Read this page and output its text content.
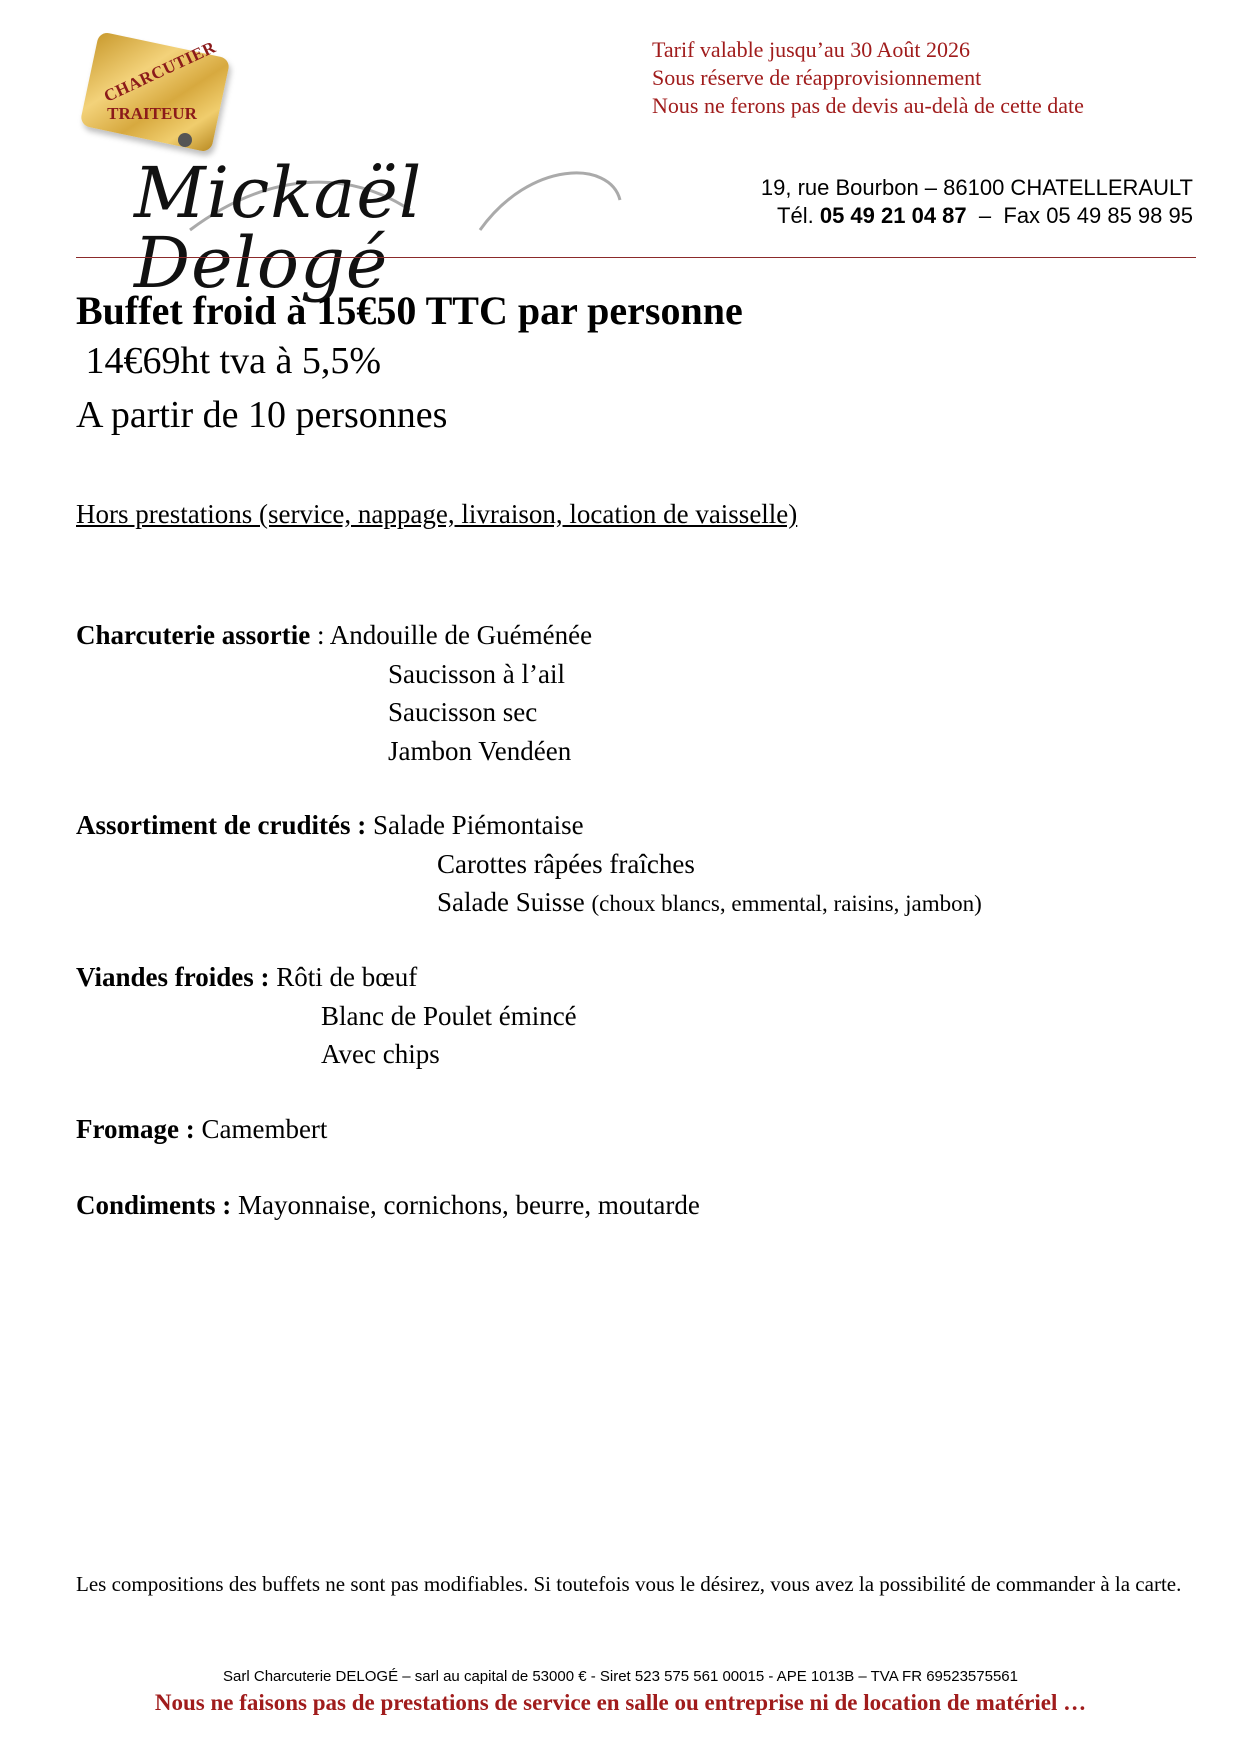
CHARCUTIER
TRAITEUR
Mickaël Delogé
Tarif valable jusqu’au 30 Août 2026
Sous réserve de réapprovisionnement
Nous ne ferons pas de devis au-delà de cette date
19, rue Bourbon – 86100 CHATELLERAULT
Tél. 05 49 21 04 87 – Fax 05 49 85 98 95
Buffet froid à 15€50 TTC par personne
14€69ht tva à 5,5%
A partir de 10 personnes
Hors prestations (service, nappage, livraison, location de vaisselle)
Charcuterie assortie : Andouille de Guéménée
Saucisson à l’ail
Saucisson sec
Jambon Vendéen
Assortiment de crudités : Salade Piémontaise
Carottes râpées fraîches
Salade Suisse (choux blancs, emmental, raisins, jambon)
Viandes froides : Rôti de bœuf
Blanc de Poulet émincé
Avec chips
Fromage : Camembert
Condiments : Mayonnaise, cornichons, beurre, moutarde
Les compositions des buffets ne sont pas modifiables. Si toutefois vous le désirez, vous avez la possibilité de commander à la carte.
Sarl Charcuterie DELOGÉ – sarl au capital de 53000 € - Siret 523 575 561 00015 - APE 1013B – TVA FR 69523575561
Nous ne faisons pas de prestations de service en salle ou entreprise ni de location de matériel …
